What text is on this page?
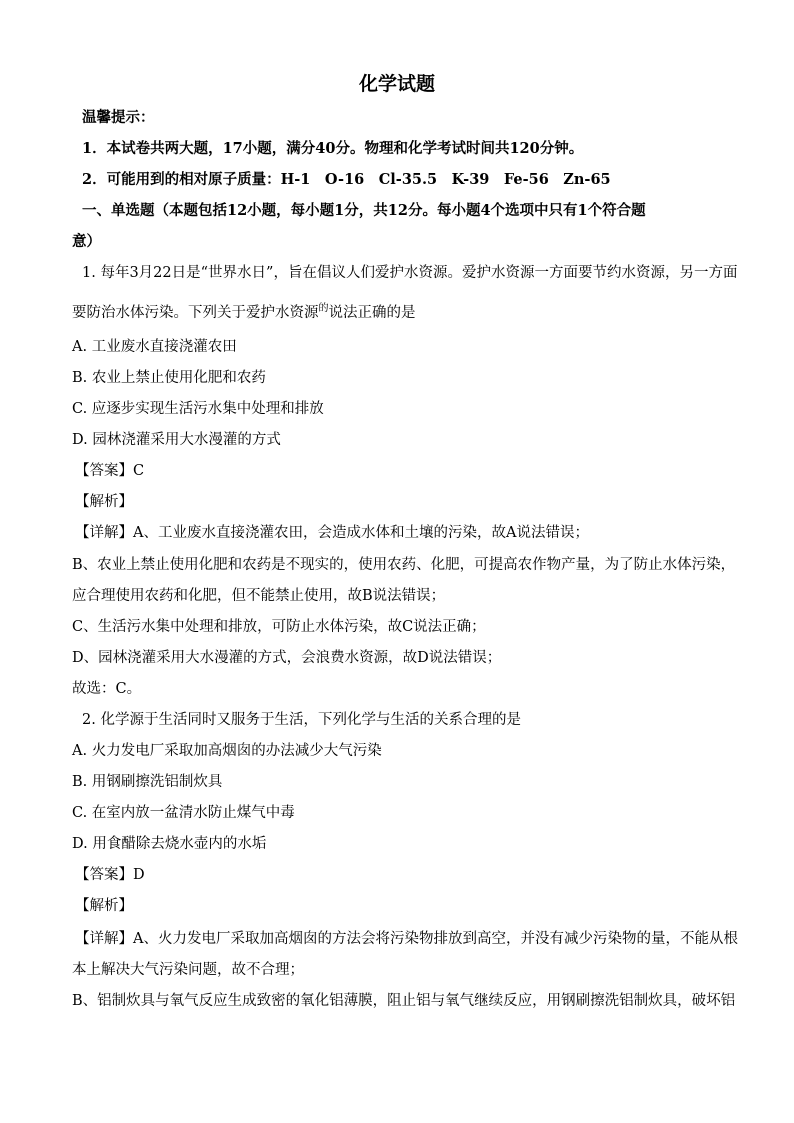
化学试题
温馨提示：
1．本试卷共两大题，17小题，满分40分。物理和化学考试时间共120分钟。
2．可能用到的相对原子质量：H-1　O-16　Cl-35.5　K-39　Fe-56　Zn-65
一、单选题（本题包括12小题，每小题1分，共12分。每小题4个选项中只有1个符合题
意）
1. 每年3月22日是“世界水日”，旨在倡议人们爱护水资源。爱护水资源一方面要节约水资源，另一方面
要防治水体污染。下列关于爱护水资源$^的$说法正确的是
A. 工业废水直接浇灌农田
B. 农业上禁止使用化肥和农药
C. 应逐步实现生活污水集中处理和排放
D. 园林浇灌采用大水漫灌的方式
【答案】C
【解析】
【详解】A、工业废水直接浇灌农田，会造成水体和土壤的污染，故A说法错误；
B、农业上禁止使用化肥和农药是不现实的，使用农药、化肥，可提高农作物产量，为了防止水体污染，
应合理使用农药和化肥，但不能禁止使用，故B说法错误；
C、生活污水集中处理和排放，可防止水体污染，故C说法正确；
D、园林浇灌采用大水漫灌的方式，会浪费水资源，故D说法错误；
故选：C。
2. 化学源于生活同时又服务于生活，下列化学与生活的关系合理的是
A. 火力发电厂采取加高烟囱的办法减少大气污染
B. 用钢刷擦洗铝制炊具
C. 在室内放一盆清水防止煤气中毒
D. 用食醋除去烧水壶内的水垢
【答案】D
【解析】
【详解】A、火力发电厂采取加高烟囱的方法会将污染物排放到高空，并没有减少污染物的量，不能从根
本上解决大气污染问题，故不合理；
B、铝制炊具与氧气反应生成致密的氧化铝薄膜，阻止铝与氧气继续反应，用钢刷擦洗铝制炊具，破坏铝
